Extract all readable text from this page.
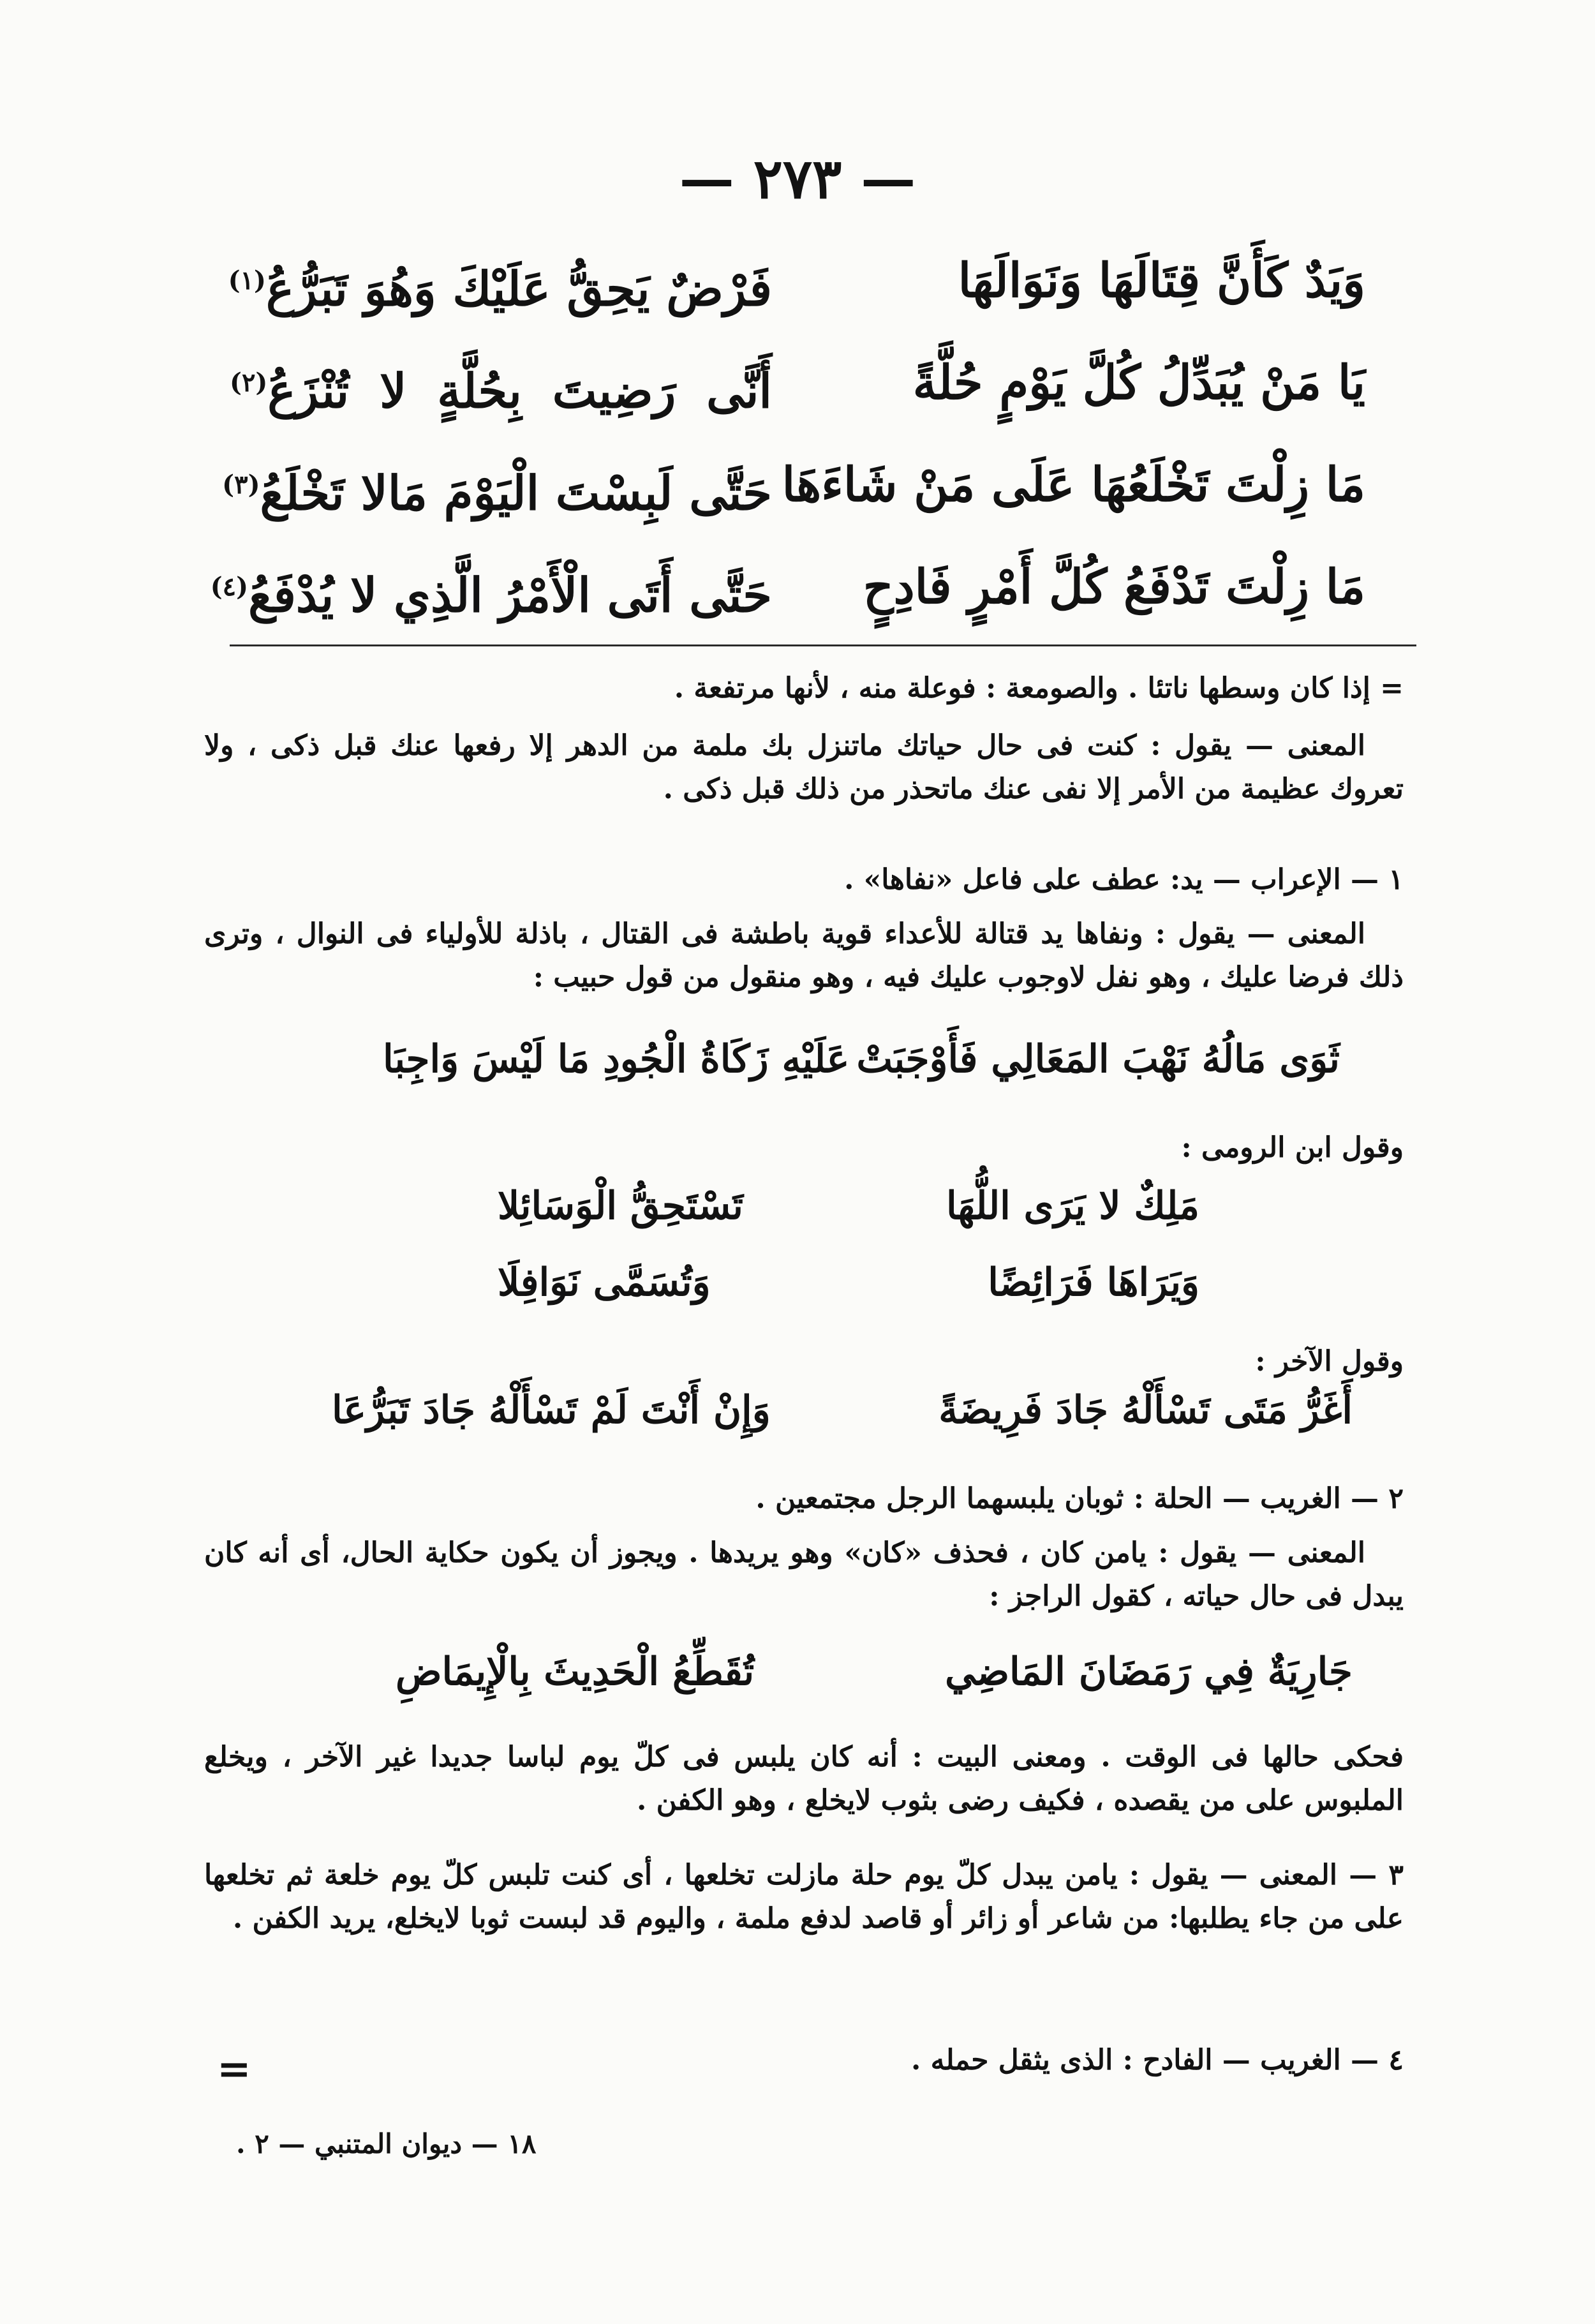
— ٢٧٣ —
وَيَدٌ كَأَنَّ قِتَالَهَا وَنَوَالَهَا
فَرْضٌ يَحِقُّ عَلَيْكَ وَهُوَ تَبَرُّعُ$^{(١)}$
يَا مَنْ يُبَدِّلُ كُلَّ يَوْمٍ حُلَّةً
أَنَّى رَضِيتَ بِحُلَّةٍ لا تُنْزَعُ$^{(٢)}$
مَا زِلْتَ تَخْلَعُهَا عَلَى مَنْ شَاءَهَا
حَتَّى لَبِسْتَ الْيَوْمَ مَالا تَخْلَعُ$^{(٣)}$
مَا زِلْتَ تَدْفَعُ كُلَّ أَمْرٍ فَادِحٍ
حَتَّى أَتَى الْأَمْرُ الَّذِي لا يُدْفَعُ$^{(٤)}$

= إذا كان وسطها ناتئا . والصومعة : فوعلة منه ، لأنها مرتفعة .

المعنى — يقول : كنت فى حال حياتك ماتنزل بك ملمة من الدهر إلا رفعها عنك قبل ذكى ، ولا تعروك عظيمة من الأمر إلا نفى عنك ماتحذر من ذلك قبل ذكى .

١ — الإعراب — يد: عطف على فاعل «نفاها» .

المعنى — يقول : ونفاها يد قتالة للأعداء قوية باطشة فى القتال ، باذلة للأولياء فى النوال ، وترى ذلك فرضا عليك ، وهو نفل لاوجوب عليك فيه ، وهو منقول من قول حبيب :

ثَوَى مَالُهُ نَهْبَ المَعَالِي فَأَوْجَبَتْ
عَلَيْهِ زَكَاةُ الْجُودِ مَا لَيْسَ وَاجِبَا

وقول ابن الرومى :

مَلِكٌ لا يَرَى اللُّهَا
تَسْتَحِقُّ الْوَسَائِلا
وَيَرَاهَا فَرَائِضًا
وَتُسَمَّى نَوَافِلَا

وقول الآخر :

أَغَرُّ مَتَى تَسْأَلْهُ جَادَ فَرِيضَةً
وَإِنْ أَنْتَ لَمْ تَسْأَلْهُ جَادَ تَبَرُّعَا

٢ — الغريب — الحلة : ثوبان يلبسهما الرجل مجتمعين .

المعنى — يقول : يامن كان ، فحذف «كان» وهو يريدها . ويجوز أن يكون حكاية الحال، أى أنه كان يبدل فى حال حياته ، كقول الراجز :

جَارِيَةٌ فِي رَمَضَانَ المَاضِي
تُقَطِّعُ الْحَدِيثَ بِالْإِيمَاضِ

فحكى حالها فى الوقت . ومعنى البيت : أنه كان يلبس فى كلّ يوم لباسا جديدا غير الآخر ، ويخلع الملبوس على من يقصده ، فكيف رضى بثوب لايخلع ، وهو الكفن .

٣ — المعنى — يقول : يامن يبدل كلّ يوم حلة مازلت تخلعها ، أى كنت تلبس كلّ يوم خلعة ثم تخلعها على من جاء يطلبها: من شاعر أو زائر أو قاصد لدفع ملمة ، واليوم قد لبست ثوبا لايخلع، يريد الكفن .

٤ — الغريب — الفادح : الذى يثقل حمله .

=
١٨ — ديوان المتنبي — ٢ .
